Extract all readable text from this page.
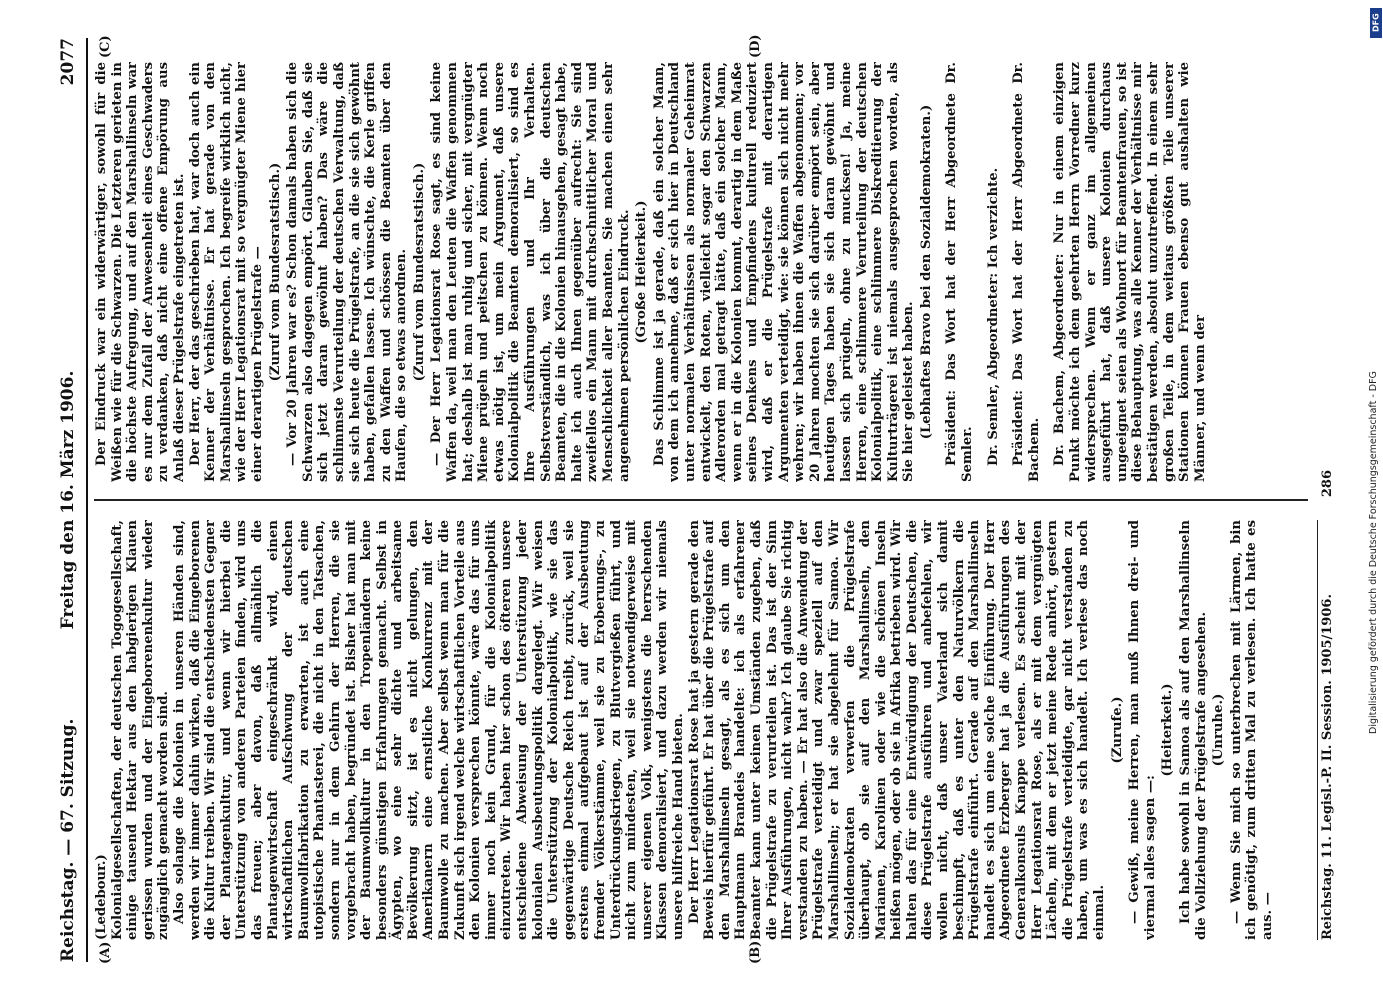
Reichstag. — 67. Sitzung.
Freitag den 16. März 1906.
2077
(A)	(B)
(C)	(D)

(Ledebour.) Kolonialgesellschaften, der deutschen Togogesellschaft, einige tausend Hektar aus den habgierigen Klauen gerissen wurden und der Eingeborenenkultur wieder zugänglich gemacht worden sind. Also solange die Kolonien in unseren Händen sind, werden wir immer dahin wirken, daß die Eingeborenen die Kultur treiben. Wir sind die entschiedensten Gegner der Plantagenkultur, und wenn wir hierbei die Unterstützung von anderen Parteien finden, wird uns das freuen; aber davon, daß allmählich die Plantagenwirtschaft eingeschränkt wird, einen wirtschaftlichen Aufschwung der deutschen Baumwollfabrikation zu erwarten, ist auch eine utopistische Phantasterei, die nicht in den Tatsachen, sondern nur in dem Gehirn der Herren, die sie vorgebracht haben, begründet ist. Bisher hat man mit der Baumwollkultur in den Tropenländern keine besonders günstigen Erfahrungen gemacht. Selbst in Ägypten, wo eine sehr dichte und arbeitsame Bevölkerung sitzt, ist es nicht gelungen, den Amerikanern eine ernstliche Konkurrenz mit der Baumwolle zu machen. Aber selbst wenn man für die Zukunft sich irgend welche wirtschaftlichen Vorteile aus den Kolonien versprechen könnte, wäre das für uns immer noch kein Grund, für die Kolonialpolitik einzutreten. Wir haben hier schon des öfteren unsere entschiedene Abweisung der Unterstützung jeder kolonialen Ausbeutungspolitik dargelegt. Wir weisen die Unterstützung der Kolonialpolitik, wie sie das gegenwärtige Deutsche Reich treibt, zurück, weil sie erstens einmal aufgebaut ist auf der Ausbeutung fremder Völkerstämme, weil sie zu Eroberungs-, zu Unterdrückungskriegen, zu Blutvergießen führt, und nicht zum mindesten, weil sie notwendigerweise mit unserer eigenen Volk, wenigstens die herrschenden Klassen demoralisiert, und dazu werden wir niemals unsere hilfreiche Hand bieten. Der Herr Legationsrat Rose hat ja gestern gerade den Beweis hierfür geführt. Er hat über die Prügelstrafe auf den Marshallinseln gesagt, als es sich um den Hauptmann Brandeis handelte: ich als erfahrener Beamter kann unter keinen Umständen zugeben, daß die Prügelstrafe zu verurteilen ist. Das ist der Sinn Ihrer Ausführungen, nicht wahr? Ich glaube Sie richtig verstanden zu haben. — Er hat also die Anwendung der Prügelstrafe verteidigt und zwar speziell auf den Marshallinseln; er hat sie abgelehnt für Samoa. Wir Sozialdemokraten verwerfen die Prügelstrafe überhaupt, ob sie auf den Marshallinseln, den Marianen, Karolinen oder wie die schönen Inseln heißen mögen, oder ob sie in Afrika betrieben wird. Wir halten das für eine Entwürdigung der Deutschen, die diese Prügelstrafe ausführen und anbefehlen, wir wollen nicht, daß unser Vaterland sich damit beschimpft, daß es unter den Naturvölkern die Prügelstrafe einführt. Gerade auf den Marshallinseln handelt es sich um eine solche Einführung. Der Herr Abgeordnete Erzberger hat ja die Ausführungen des Generalkonsuls Knappe verlesen. Es scheint mit der Herr Legationsrat Rose, als er mit dem vergnügten Lächeln, mit dem er jetzt meine Rede anhört, gestern die Prügelstrafe verteidigte, gar nicht verstanden zu haben, um was es sich handelt. Ich verlese das noch einmal.

(Zurufe.) — Gewiß, meine Herren, man muß Ihnen drei- und viermal alles sagen —:

(Heiterkeit.) Ich habe sowohl in Samoa als auf den Marshallinseln die Vollziehung der Prügelstrafe angesehen. (Unruhe.) — Wenn Sie mich so unterbrechen mit Lärmen, bin ich genötigt, zum dritten Mal zu verlesen. Ich hatte es aus. —

Der Eindruck war ein widerwärtiger, sowohl für die Weißen wie für die Schwarzen. Die Letzteren gerieten in die höchste Aufregung, und auf den Marshallinseln war es nur dem Zufall der Anwesenheit eines Geschwaders zu verdanken, daß nicht eine offene Empörung aus Anlaß dieser Prügelstrafe eingetreten ist. Der Herr, der das geschrieben hat, war doch auch ein Kenner der Verhältnisse. Er hat gerade von den Marshallinseln gesprochen. Ich begreife wirklich nicht, wie der Herr Legationsrat mit so vergnügter Miene hier einer derartigen Prügelstrafe — (Zuruf vom Bundesratstisch.) — Vor 20 Jahren war es? Schon damals haben sich die Schwarzen also dagegen empört. Glauben Sie, daß sie sich jetzt daran gewöhnt haben? Das wäre die schlimmste Verurteilung der deutschen Verwaltung, daß sie sich heute die Prügelstrafe, an die sie sich gewöhnt haben, gefallen lassen. Ich wünschte, die Kerle griffen zu den Waffen und schössen die Beamten über den Haufen, die so etwas anordnen. (Zuruf vom Bundesratstisch.) — Der Herr Legationsrat Rose sagt, es sind keine Waffen da, weil man den Leuten die Waffen genommen hat; deshalb ist man ruhig und sicher, mit vergnügter Miene prügeln und peitschen zu können. Wenn noch etwas nötig ist, um mein Argument, daß unsere Kolonialpolitik die Beamten demoralisiert, so sind es Ihre Ausführungen und Ihr Verhalten. Selbstverständlich, was ich über die deutschen Beamten, die in die Kolonien hinausgehen, gesagt habe, halte ich auch Ihnen gegenüber aufrecht: Sie sind zweifellos ein Mann mit durchschnittlicher Moral und Menschlichkeit aller Beamten. Sie machen einen sehr angenehmen persönlichen Eindruck. (Große Heiterkeit.) Das Schlimme ist ja gerade, daß ein solcher Mann, von dem ich annehme, daß er sich hier in Deutschland unter normalen Verhältnissen als normaler Geheimrat entwickelt, den Roten, vielleicht sogar den Schwarzen Adlerorden mal getragt hätte, daß ein solcher Mann, wenn er in die Kolonien kommt, derartig in dem Maße seines Denkens und Empfindens kulturell reduziert wird, daß er die Prügelstrafe mit derartigen Argumenten verteidigt, wie: sie können sich nicht mehr wehren; wir haben ihnen die Waffen abgenommen; vor 20 Jahren mochten sie sich darüber empört sein, aber heutigen Tages haben sie sich daran gewöhnt und lassen sich prügeln, ohne zu mucksen! Ja, meine Herren, eine schlimmere Verurteilung der deutschen Kolonialpolitik, eine schlimmere Diskreditierung der Kulturträgerei ist niemals ausgesprochen worden, als Sie hier geleistet haben. (Lebhaftes Bravo bei den Sozialdemokraten.) Präsident: Das Wort hat der Herr Abgeordnete Dr. Semler. Dr. Semler, Abgeordneter: Ich verzichte. Präsident: Das Wort hat der Herr Abgeordnete Dr. Bachem. Dr. Bachem, Abgeordneter: Nur in einem einzigen Punkt möchte ich dem geehrten Herrn Vorredner kurz widersprechen. Wenn er ganz im allgemeinen ausgeführt hat, daß unsere Kolonien durchaus ungeeignet seien als Wohnort für Beamtenfrauen, so ist diese Behauptung, was alle Kenner der Verhältnisse mir bestätigen werden, absolut unzutreffend. In einem sehr großen Teile, in dem weitaus größten Teile unserer Stationen können Frauen ebenso gut aushalten wie Männer, und wenn der

Reichstag. 11. Legisl.-P. II. Session. 1905/1906.
286
DFG
Digitalisierung gefördert durch die Deutsche Forschungsgemeinschaft - DFG
